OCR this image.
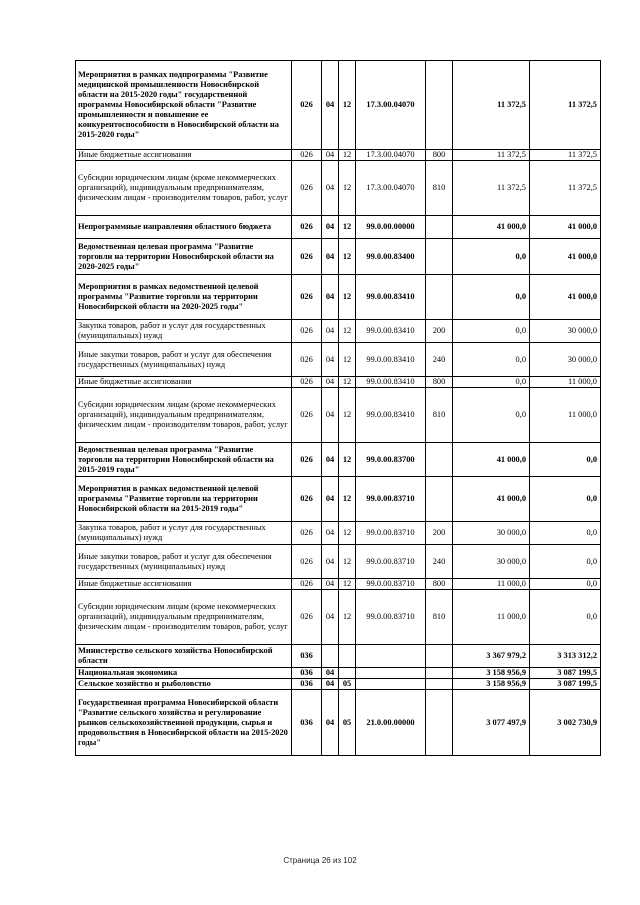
Мероприятия в рамках подпрограммы "Развитие медицинской промышленности Новосибирской области на 2015-2020 годы" государственной программы Новосибирской области "Развитие промышленности и повышение ее конкурентоспособности в Новосибирской области на 2015-2020 годы"	026	04	12	17.3.00.04070		11 372,5	11 372,5
Иные бюджетные ассигнования	026	04	12	17.3.00.04070	800	11 372,5	11 372,5
Субсидии юридическим лицам (кроме некоммерческих организаций), индивидуальным предпринимателям, физическим лицам - производителям товаров, работ, услуг	026	04	12	17.3.00.04070	810	11 372,5	11 372,5
Непрограммные направления областного бюджета	026	04	12	99.0.00.00000		41 000,0	41 000,0
Ведомственная целевая программа "Развитие торговли на территории Новосибирской области на 2020-2025 годы"	026	04	12	99.0.00.83400		0,0	41 000,0
Мероприятия в рамках ведомственной целевой программы "Развитие торговли на территории Новосибирской области на 2020-2025 годы"	026	04	12	99.0.00.83410		0,0	41 000,0
Закупка товаров, работ и услуг для государственных (муниципальных) нужд	026	04	12	99.0.00.83410	200	0,0	30 000,0
Иные закупки товаров, работ и услуг для обеспечения государственных (муниципальных) нужд	026	04	12	99.0.00.83410	240	0,0	30 000,0
Иные бюджетные ассигнования	026	04	12	99.0.00.83410	800	0,0	11 000,0
Субсидии юридическим лицам (кроме некоммерческих организаций), индивидуальным предпринимателям, физическим лицам - производителям товаров, работ, услуг	026	04	12	99.0.00.83410	810	0,0	11 000,0
Ведомственная целевая программа "Развитие торговли на территории Новосибирской области на 2015-2019 годы"	026	04	12	99.0.00.83700		41 000,0	0,0
Мероприятия в рамках ведомственной целевой программы "Развитие торговли на территории Новосибирской области на 2015-2019 годы"	026	04	12	99.0.00.83710		41 000,0	0,0
Закупка товаров, работ и услуг для государственных (муниципальных) нужд	026	04	12	99.0.00.83710	200	30 000,0	0,0
Иные закупки товаров, работ и услуг для обеспечения государственных (муниципальных) нужд	026	04	12	99.0.00.83710	240	30 000,0	0,0
Иные бюджетные ассигнования	026	04	12	99.0.00.83710	800	11 000,0	0,0
Субсидии юридическим лицам (кроме некоммерческих организаций), индивидуальным предпринимателям, физическим лицам - производителям товаров, работ, услуг	026	04	12	99.0.00.83710	810	11 000,0	0,0
Министерство сельского хозяйства Новосибирской области	036					3 367 979,2	3 313 312,2
Национальная экономика	036	04				3 158 956,9	3 087 199,5
Сельское хозяйство и рыболовство	036	04	05			3 158 956,9	3 087 199,5
Государственная программа Новосибирской области "Развитие сельского хозяйства и регулирование рынков сельскохозяйственной продукции, сырья и продовольствия в Новосибирской области на 2015-2020 годы"	036	04	05	21.0.00.00000		3 077 497,9	3 002 730,9
Страница 26 из 102
